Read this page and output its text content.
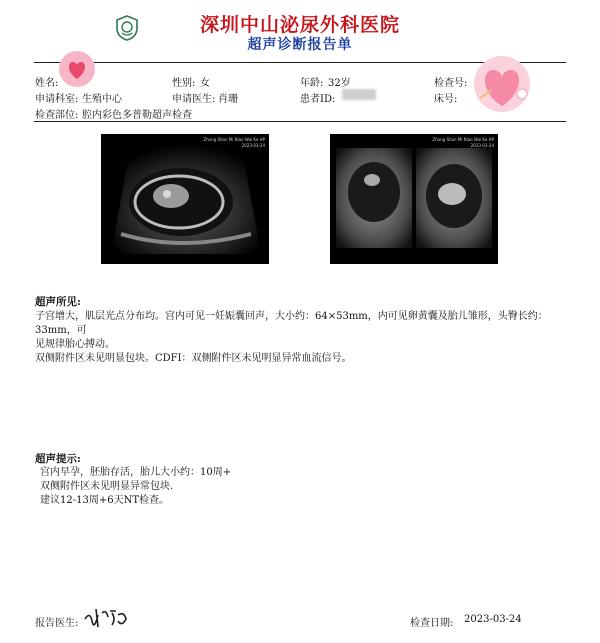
深圳中山泌尿外科医院
超声诊断报告单
姓名:	性别: 女	年龄: 32岁	检查号:
申请科室: 生殖中心	申请医生: 肖珊	患者ID:	床号:
检查部位: 腔内彩色多普勒超声检查
Zhong Shan Mi Niao Wai Ke HP
2023-03-24
Zhong Shan Mi Niao Wai Ke HP
2023-03-24
超声所见:
子宫增大，肌层光点分布均。宫内可见一妊娠囊回声，大小约：64×53mm，内可见卵黄囊及胎儿雏形，头臀长约：33mm，可
见规律胎心搏动。
双侧附件区未见明显包块。CDFI：双侧附件区未见明显异常血流信号。
超声提示:
宫内早孕，胚胎存活，胎儿大小约：10周+
双侧附件区未见明显异常包块.
建议12-13周+6天NT检查。
报告医生:	检查日期: 2023-03-24
